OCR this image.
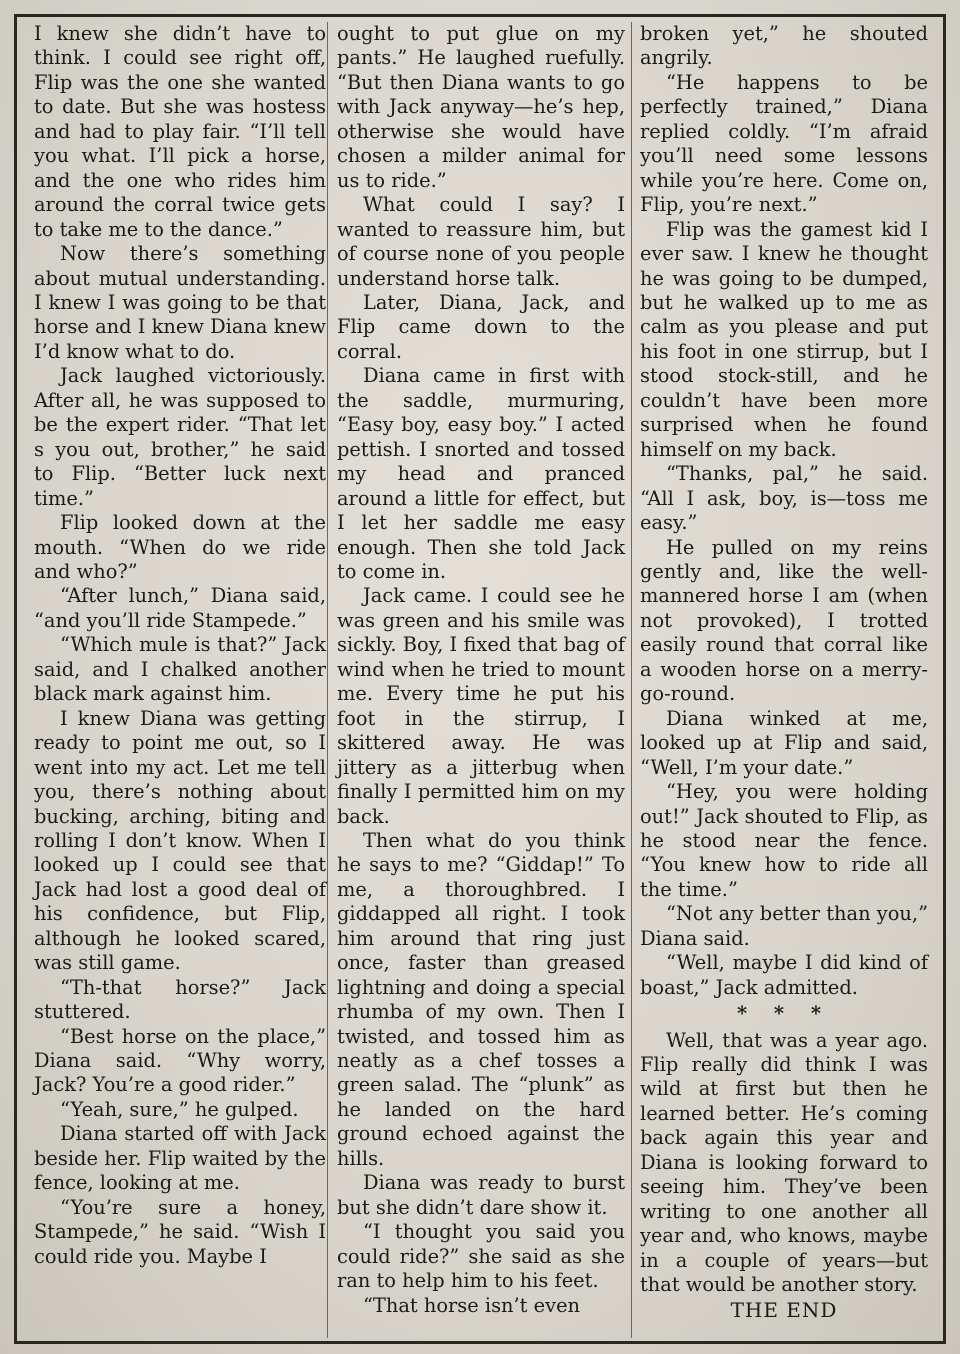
I knew she didn’t have to think. I could see right off, Flip was the one she wanted to date. But she was hostess and had to play fair. “I’ll tell you what. I’ll pick a horse, and the one who rides him around the corral twice gets to take me to the dance.”

Now there’s something about mutual understanding. I knew I was going to be that horse and I knew Diana knew I’d know what to do.

Jack laughed victoriously. After all, he was supposed to be the expert rider. “That let s you out, brother,” he said to Flip. “Better luck next time.”

Flip looked down at the mouth. “When do we ride and who?”

“After lunch,” Diana said, “and you’ll ride Stampede.”

“Which mule is that?” Jack said, and I chalked another black mark against him.

I knew Diana was getting ready to point me out, so I went into my act. Let me tell you, there’s nothing about bucking, arching, biting and rolling I don’t know. When I looked up I could see that Jack had lost a good deal of his confidence, but Flip, although he looked scared, was still game.

“Th-that horse?” Jack stuttered.

“Best horse on the place,” Diana said. “Why worry, Jack? You’re a good rider.”

“Yeah, sure,” he gulped.

Diana started off with Jack beside her. Flip waited by the fence, looking at me.

“You’re sure a honey, Stampede,” he said. “Wish I could ride you. Maybe I

ought to put glue on my pants.” He laughed ruefully. “But then Diana wants to go with Jack anyway—he’s hep, otherwise she would have chosen a milder animal for us to ride.”

What could I say? I wanted to reassure him, but of course none of you people understand horse talk.

Later, Diana, Jack, and Flip came down to the corral.

Diana came in first with the saddle, murmuring, “Easy boy, easy boy.” I acted pettish. I snorted and tossed my head and pranced around a little for effect, but I let her saddle me easy enough. Then she told Jack to come in.

Jack came. I could see he was green and his smile was sickly. Boy, I fixed that bag of wind when he tried to mount me. Every time he put his foot in the stirrup, I skittered away. He was jittery as a jitterbug when finally I permitted him on my back.

Then what do you think he says to me? “Giddap!” To me, a thoroughbred. I giddapped all right. I took him around that ring just once, faster than greased lightning and doing a special rhumba of my own. Then I twisted, and tossed him as neatly as a chef tosses a green salad. The “plunk” as he landed on the hard ground echoed against the hills.

Diana was ready to burst but she didn’t dare show it.

“I thought you said you could ride?” she said as she ran to help him to his feet.

“That horse isn’t even

broken yet,” he shouted angrily.

“He happens to be perfectly trained,” Diana replied coldly. “I’m afraid you’ll need some lessons while you’re here. Come on, Flip, you’re next.”

Flip was the gamest kid I ever saw. I knew he thought he was going to be dumped, but he walked up to me as calm as you please and put his foot in one stirrup, but I stood stock-still, and he couldn’t have been more surprised when he found himself on my back.

“Thanks, pal,” he said. “All I ask, boy, is—toss me easy.”

He pulled on my reins gently and, like the well-mannered horse I am (when not provoked), I trotted easily round that corral like a wooden horse on a merry-go-round.

Diana winked at me, looked up at Flip and said, “Well, I’m your date.”

“Hey, you were holding out!” Jack shouted to Flip, as he stood near the fence. “You knew how to ride all the time.”

“Not any better than you,” Diana said.

“Well, maybe I did kind of boast,” Jack admitted.

* * *

Well, that was a year ago. Flip really did think I was wild at first but then he learned better. He’s coming back again this year and Diana is looking forward to seeing him. They’ve been writing to one another all year and, who knows, maybe in a couple of years—but that would be another story.

THE END
